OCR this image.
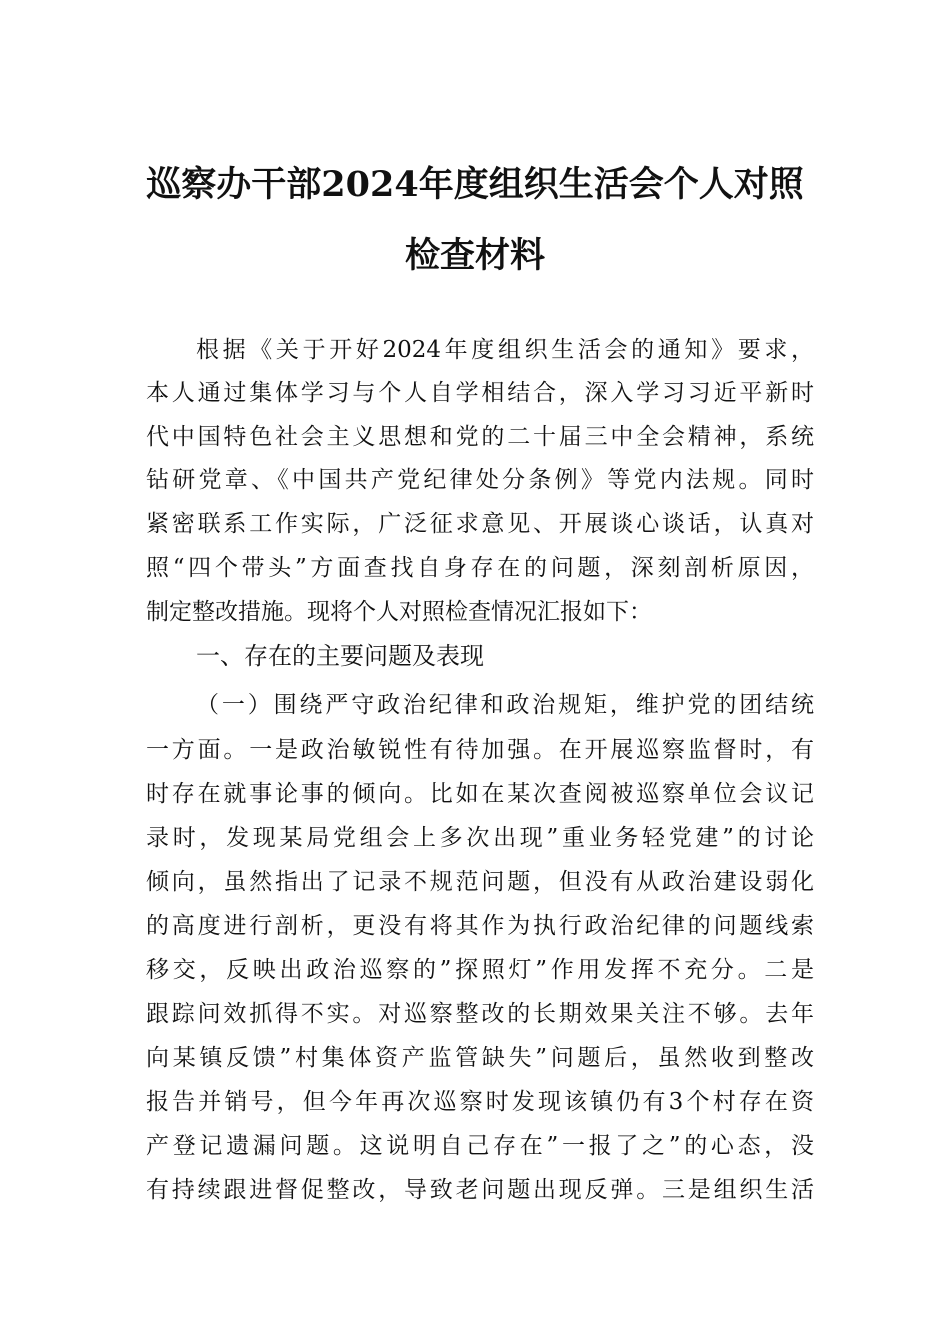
巡察办干部2024年度组织生活会个人对照
检查材料
根据《关于开好2024年度组织生活会的通知》要求，
本人通过集体学习与个人自学相结合，深入学习习近平新时
代中国特色社会主义思想和党的二十届三中全会精神，系统
钻研党章、《中国共产党纪律处分条例》等党内法规。同时
紧密联系工作实际，广泛征求意见、开展谈心谈话，认真对
照“四个带头”方面查找自身存在的问题，深刻剖析原因，
制定整改措施。现将个人对照检查情况汇报如下：
一、存在的主要问题及表现
（一）围绕严守政治纪律和政治规矩，维护党的团结统
一方面。一是政治敏锐性有待加强。在开展巡察监督时，有
时存在就事论事的倾向。比如在某次查阅被巡察单位会议记
录时，发现某局党组会上多次出现”重业务轻党建”的讨论
倾向，虽然指出了记录不规范问题，但没有从政治建设弱化
的高度进行剖析，更没有将其作为执行政治纪律的问题线索
移交，反映出政治巡察的”探照灯”作用发挥不充分。二是
跟踪问效抓得不实。对巡察整改的长期效果关注不够。去年
向某镇反馈”村集体资产监管缺失”问题后，虽然收到整改
报告并销号，但今年再次巡察时发现该镇仍有3个村存在资
产登记遗漏问题。这说明自己存在”一报了之”的心态，没
有持续跟进督促整改，导致老问题出现反弹。三是组织生活
